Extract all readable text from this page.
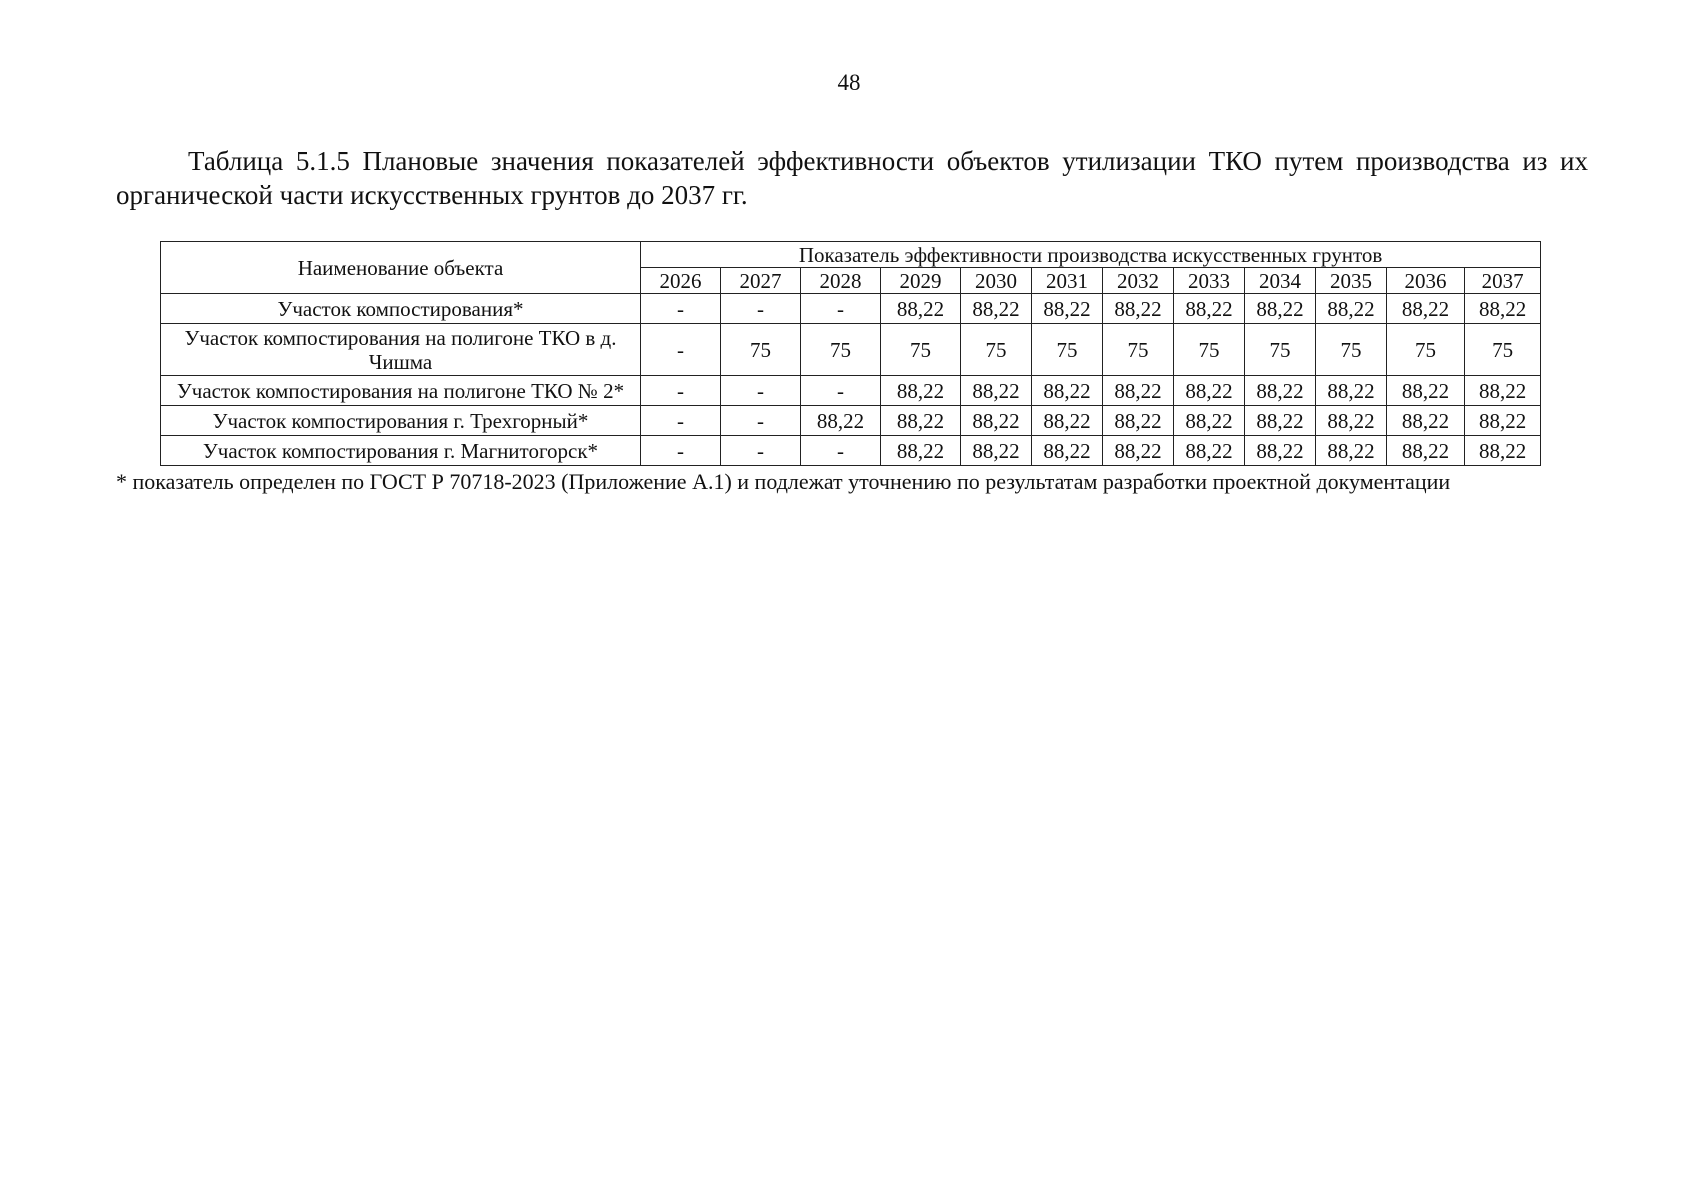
48
Таблица 5.1.5 Плановые значения показателей эффективности объектов утилизации ТКО путем производства из их органической части искусственных грунтов до 2037 гг.
Наименование объекта	Показатель эффективности производства искусственных грунтов											
	2026	2027	2028	2029	2030	2031	2032	2033	2034	2035	2036	2037
Участок компостирования*	-	-	-	88,22	88,22	88,22	88,22	88,22	88,22	88,22	88,22	88,22
Участок компостирования на полигоне ТКО в д. Чишма	-	75	75	75	75	75	75	75	75	75	75	75
Участок компостирования на полигоне ТКО № 2*	-	-	-	88,22	88,22	88,22	88,22	88,22	88,22	88,22	88,22	88,22
Участок компостирования г. Трехгорный*	-	-	88,22	88,22	88,22	88,22	88,22	88,22	88,22	88,22	88,22	88,22
Участок компостирования г. Магнитогорск*	-	-	-	88,22	88,22	88,22	88,22	88,22	88,22	88,22	88,22	88,22
* показатель определен по ГОСТ Р 70718-2023 (Приложение А.1) и подлежат уточнению по результатам разработки проектной документации
